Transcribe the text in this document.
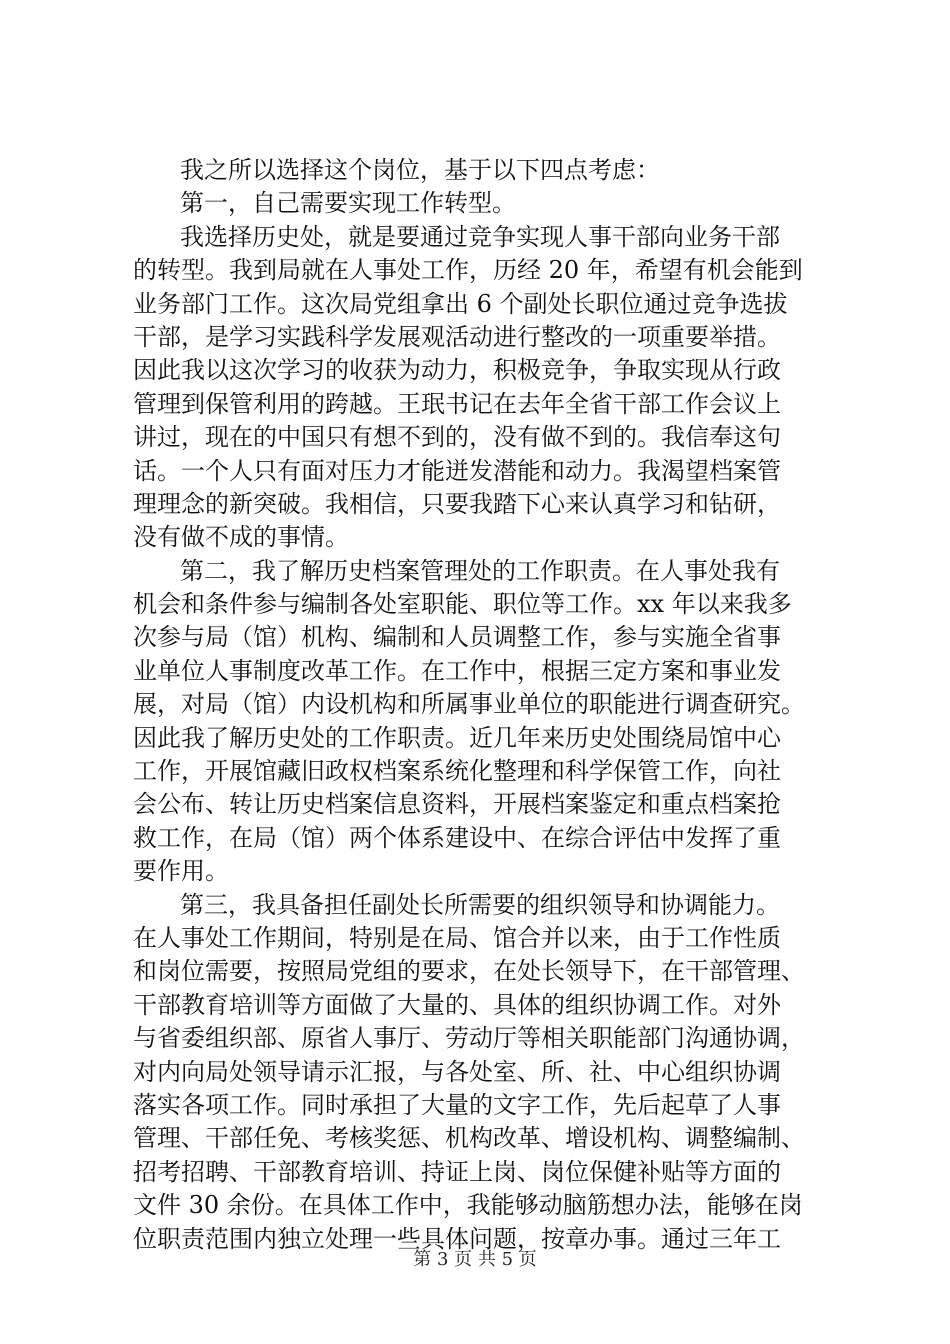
我之所以选择这个岗位，基于以下四点考虑：
第一，自己需要实现工作转型。
我选择历史处，就是要通过竞争实现人事干部向业务干部
的转型。我到局就在人事处工作，历经 20 年，希望有机会能到
业务部门工作。这次局党组拿出 6 个副处长职位通过竞争选拔
干部，是学习实践科学发展观活动进行整改的一项重要举措。
因此我以这次学习的收获为动力，积极竞争，争取实现从行政
管理到保管利用的跨越。王珉书记在去年全省干部工作会议上
讲过，现在的中国只有想不到的，没有做不到的。我信奉这句
话。一个人只有面对压力才能迸发潜能和动力。我渴望档案管
理理念的新突破。我相信，只要我踏下心来认真学习和钻研，
没有做不成的事情。
第二，我了解历史档案管理处的工作职责。在人事处我有
机会和条件参与编制各处室职能、职位等工作。xx 年以来我多
次参与局（馆）机构、编制和人员调整工作，参与实施全省事
业单位人事制度改革工作。在工作中，根据三定方案和事业发
展，对局（馆）内设机构和所属事业单位的职能进行调查研究。
因此我了解历史处的工作职责。近几年来历史处围绕局馆中心
工作，开展馆藏旧政权档案系统化整理和科学保管工作，向社
会公布、转让历史档案信息资料，开展档案鉴定和重点档案抢
救工作，在局（馆）两个体系建设中、在综合评估中发挥了重
要作用。
第三，我具备担任副处长所需要的组织领导和协调能力。
在人事处工作期间，特别是在局、馆合并以来，由于工作性质
和岗位需要，按照局党组的要求，在处长领导下，在干部管理、
干部教育培训等方面做了大量的、具体的组织协调工作。对外
与省委组织部、原省人事厅、劳动厅等相关职能部门沟通协调，
对内向局处领导请示汇报，与各处室、所、社、中心组织协调
落实各项工作。同时承担了大量的文字工作，先后起草了人事
管理、干部任免、考核奖惩、机构改革、增设机构、调整编制、
招考招聘、干部教育培训、持证上岗、岗位保健补贴等方面的
文件 30 余份。在具体工作中，我能够动脑筋想办法，能够在岗
位职责范围内独立处理一些具体问题，按章办事。通过三年工
第 3 页 共 5 页
